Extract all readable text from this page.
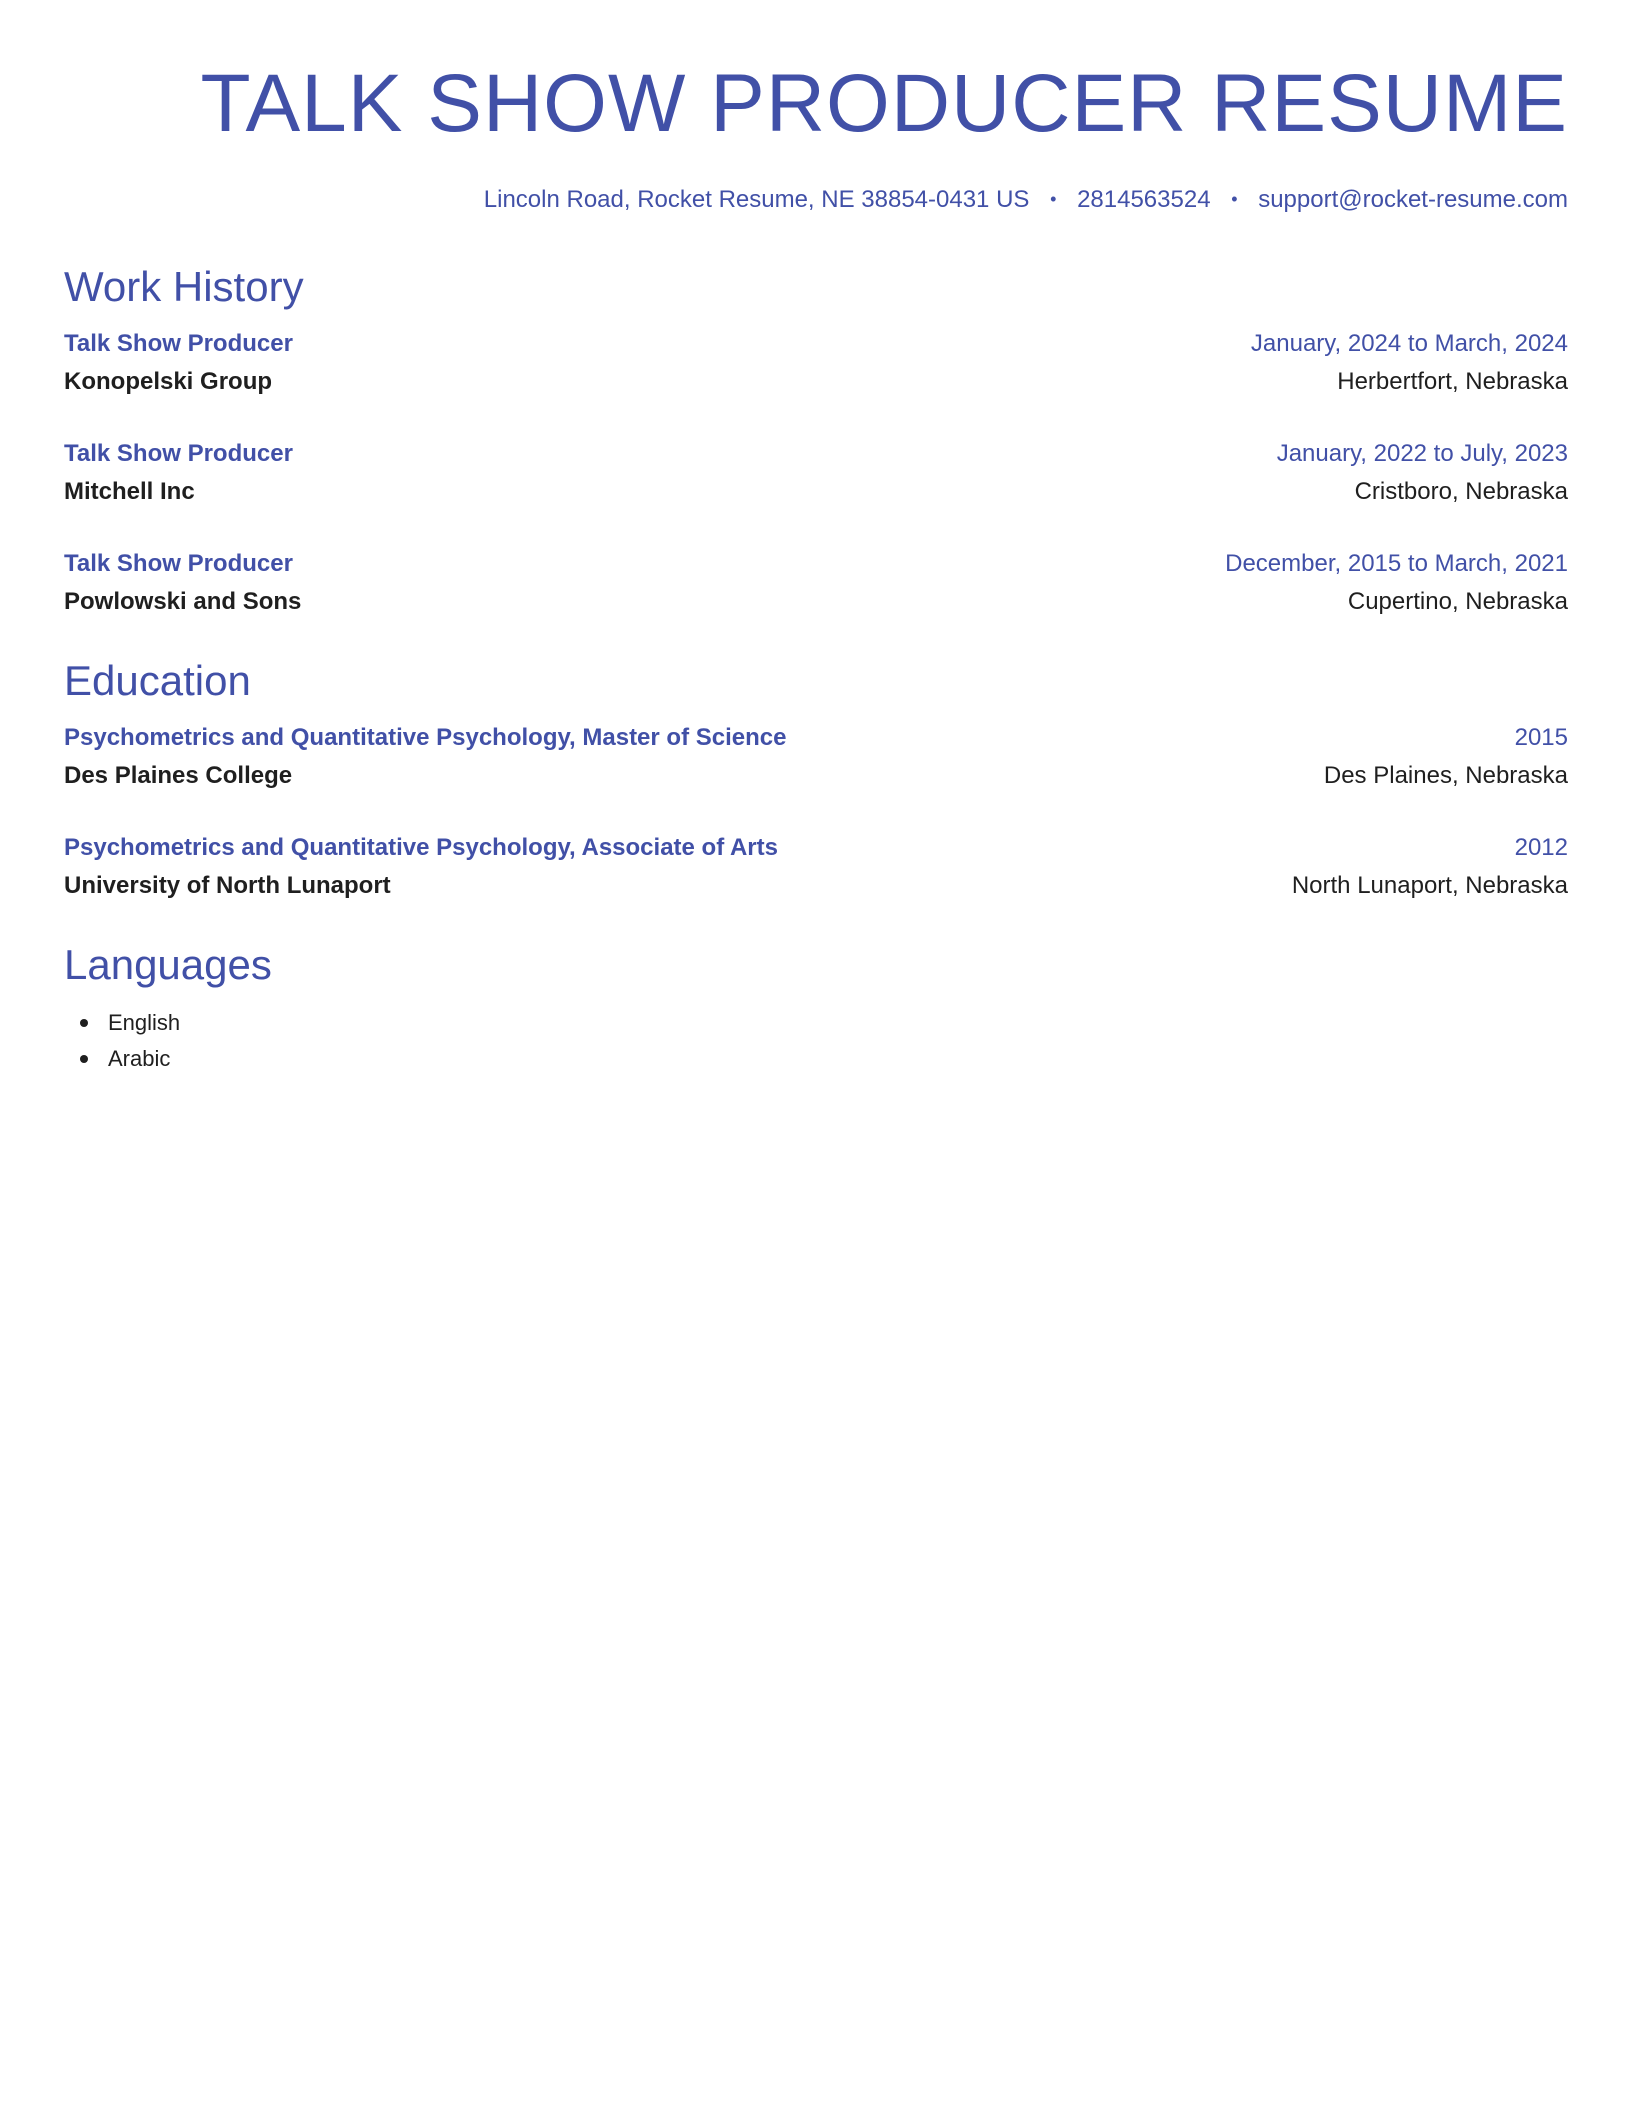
TALK SHOW PRODUCER RESUME
Lincoln Road, Rocket Resume, NE 38854-0431 US • 2814563524 • support@rocket-resume.com
Work History
Talk Show Producer	January, 2024 to March, 2024
Konopelski Group	Herbertfort, Nebraska
Talk Show Producer	January, 2022 to July, 2023
Mitchell Inc	Cristboro, Nebraska
Talk Show Producer	December, 2015 to March, 2021
Powlowski and Sons	Cupertino, Nebraska
Education
Psychometrics and Quantitative Psychology, Master of Science	2015
Des Plaines College	Des Plaines, Nebraska
Psychometrics and Quantitative Psychology, Associate of Arts	2012
University of North Lunaport	North Lunaport, Nebraska
Languages
English
Arabic
